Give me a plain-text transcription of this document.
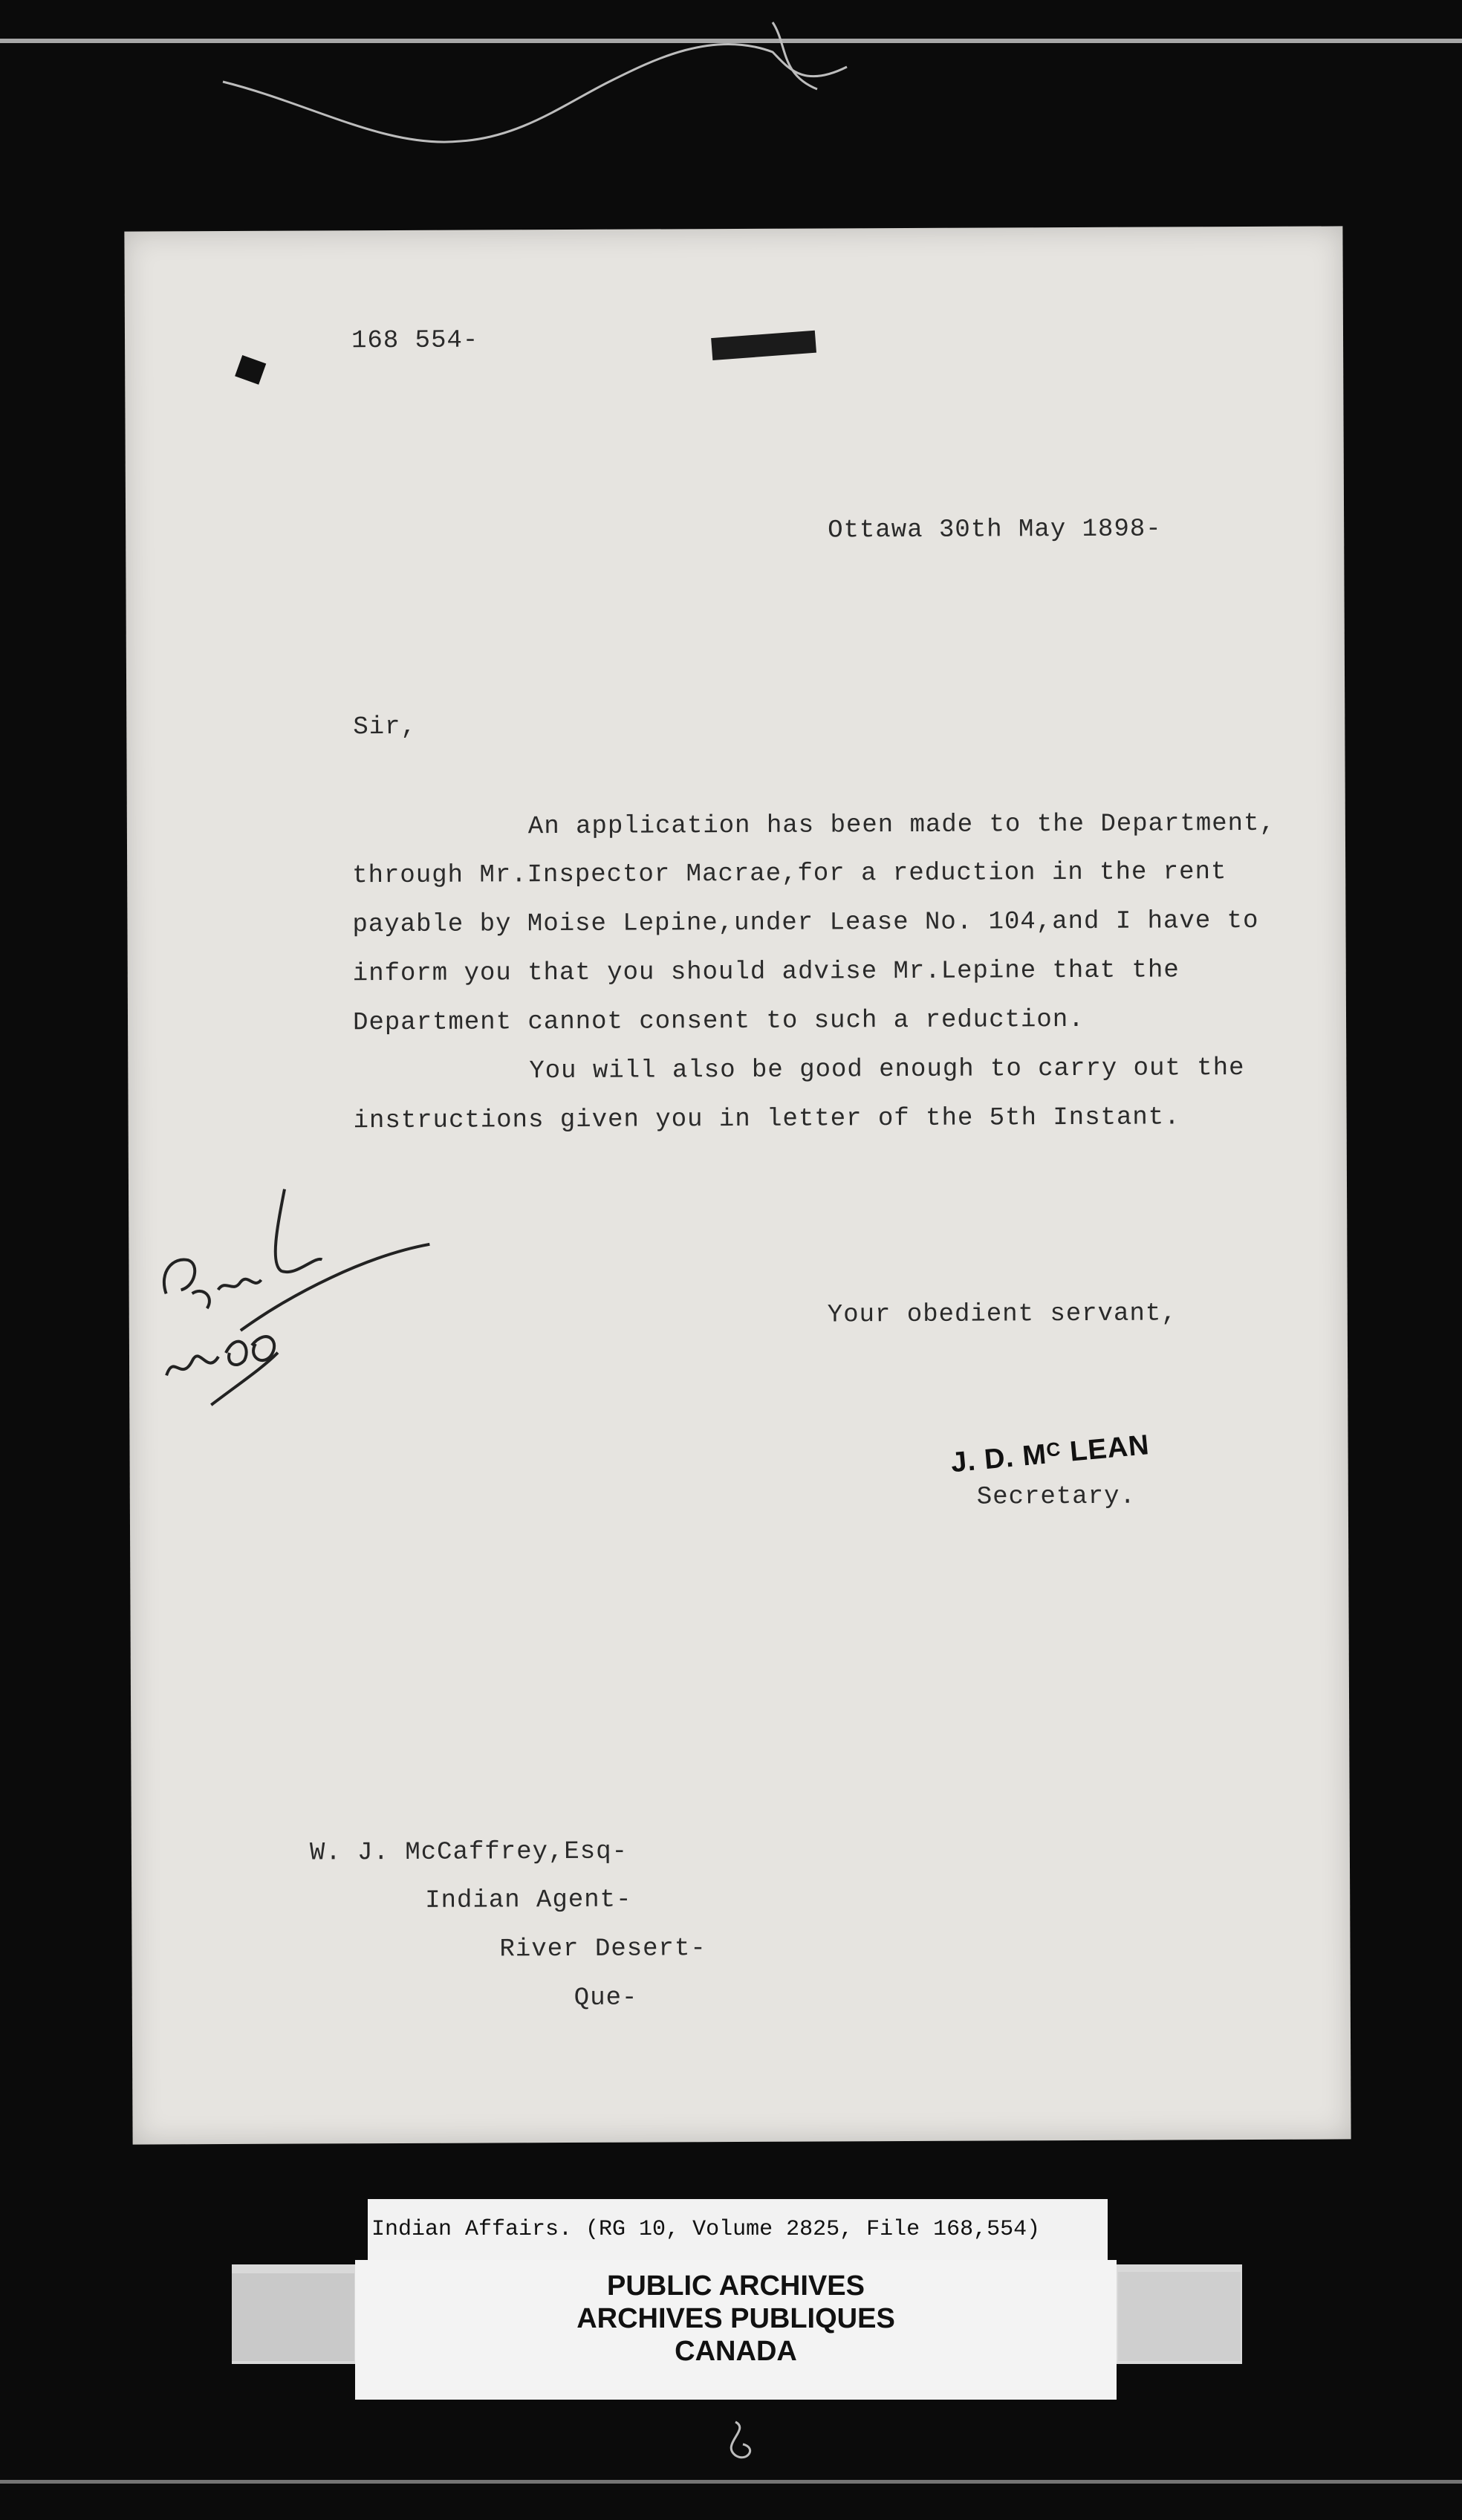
168 554-
Ottawa 30th May 1898-
Sir,
An application has been made to the Department,
through Mr.Inspector Macrae,for a reduction in the rent
payable by Moise Lepine,under Lease No. 104,and I have to
inform you that you should advise Mr.Lepine that the
Department cannot consent to such a reduction.
You will also be good enough to carry out the
instructions given you in letter of the 5th Instant.
Your obedient servant,
J. D. $M^C$ LEAN
Secretary.
W. J. McCaffrey,Esq-
Indian Agent-
River Desert-
Que-
Indian Affairs. (RG 10, Volume 2825, File 168,554)
PUBLIC ARCHIVES
ARCHIVES PUBLIQUES
CANADA
